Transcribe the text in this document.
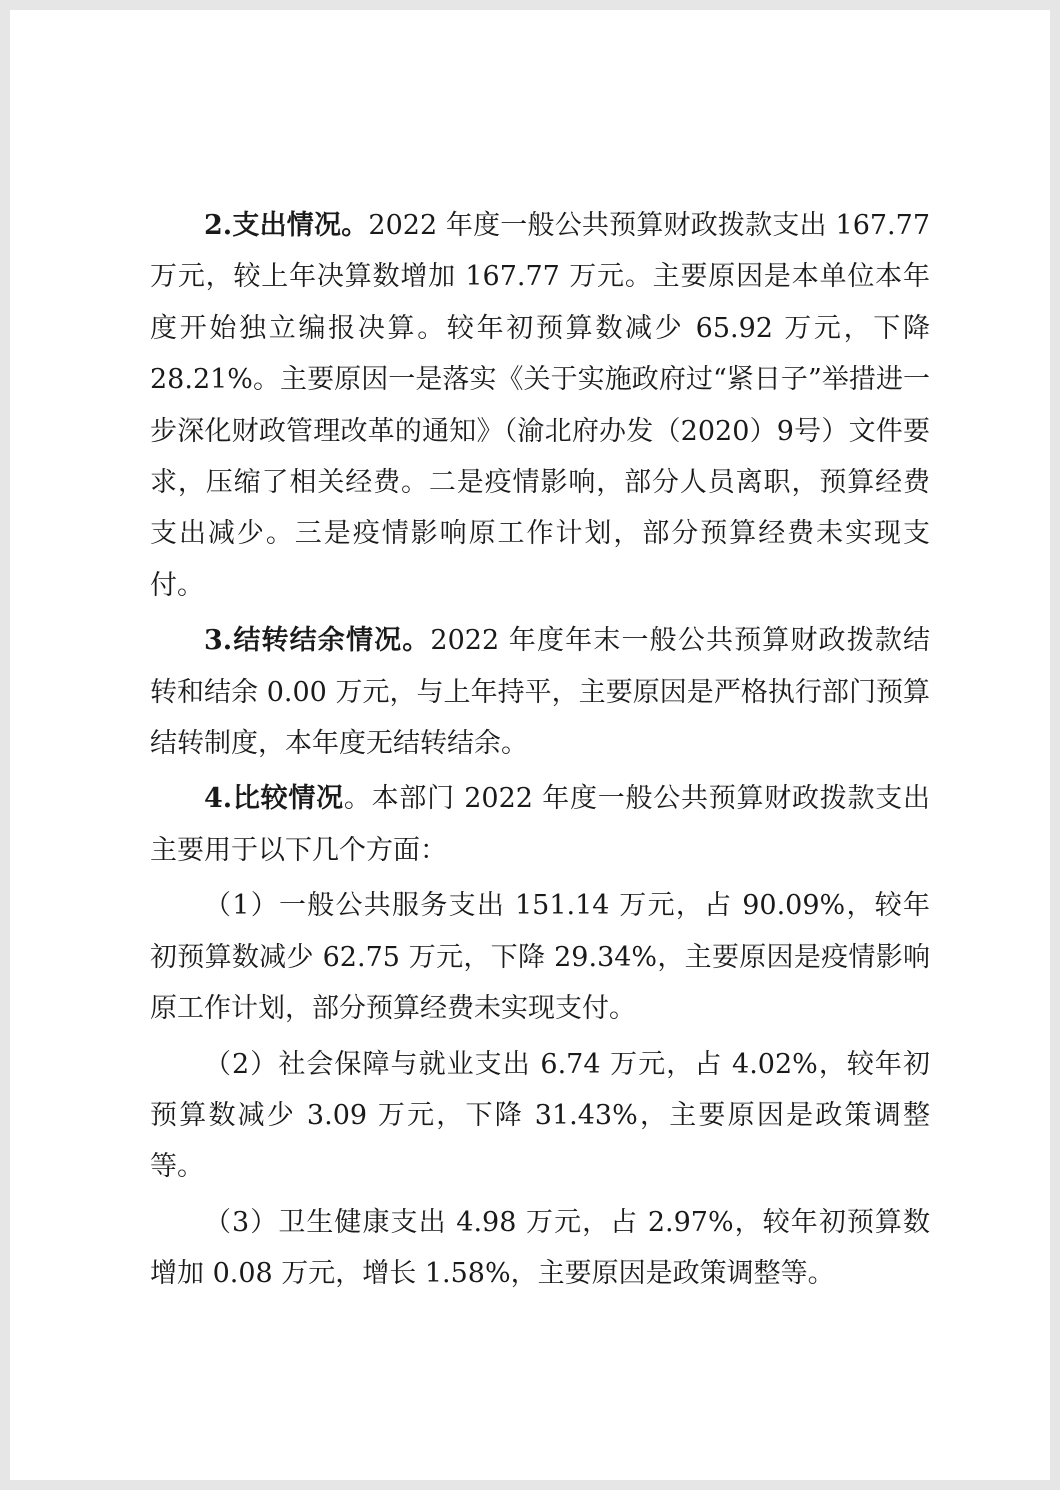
2.支出情况。2022 年度一般公共预算财政拨款支出 167.77 万元，较上年决算数增加 167.77 万元。主要原因是本单位本年度开始独立编报决算。较年初预算数减少 65.92 万元，下降 28.21%。主要原因一是落实《关于实施政府过“紧日子”举措进一步深化财政管理改革的通知》（渝北府办发（2020）9号）文件要求，压缩了相关经费。二是疫情影响，部分人员离职，预算经费支出减少。三是疫情影响原工作计划，部分预算经费未实现支付。

3.结转结余情况。2022 年度年末一般公共预算财政拨款结转和结余 0.00 万元，与上年持平，主要原因是严格执行部门预算结转制度，本年度无结转结余。

4.比较情况。本部门 2022 年度一般公共预算财政拨款支出主要用于以下几个方面：

（1）一般公共服务支出 151.14 万元，占 90.09%，较年初预算数减少 62.75 万元，下降 29.34%，主要原因是疫情影响原工作计划，部分预算经费未实现支付。

（2）社会保障与就业支出 6.74 万元，占 4.02%，较年初预算数减少 3.09 万元，下降 31.43%，主要原因是政策调整等。

（3）卫生健康支出 4.98 万元，占 2.97%，较年初预算数增加 0.08 万元，增长 1.58%，主要原因是政策调整等。
